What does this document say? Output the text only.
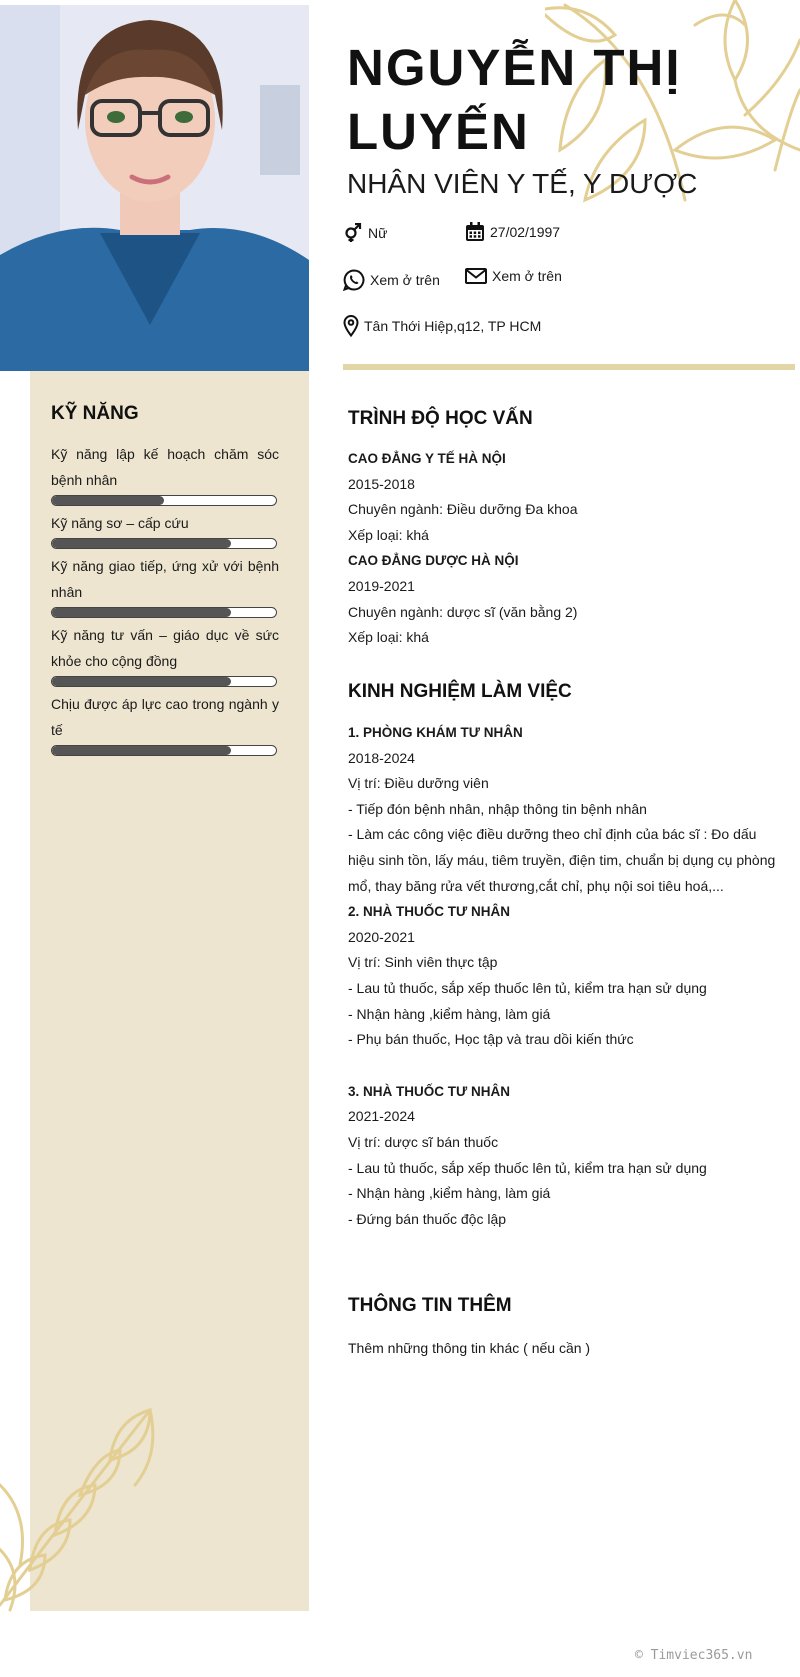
NGUYỄN THỊ LUYẾN
NHÂN VIÊN Y TẾ, Y DƯỢC
Nữ	27/02/1997
Xem ở trên	Xem ở trên
Tân Thới Hiệp,q12, TP HCM
KỸ NĂNG
Kỹ năng lập kế hoạch chăm sóc bệnh nhân
Kỹ năng sơ – cấp cứu
Kỹ năng giao tiếp, ứng xử với bệnh nhân
Kỹ năng tư vấn – giáo dục về sức khỏe cho cộng đồng
Chịu được áp lực cao trong ngành y tế
TRÌNH ĐỘ HỌC VẤN
CAO ĐẲNG Y TẾ HÀ NỘI
2015-2018
Chuyên ngành: Điều dưỡng Đa khoa
Xếp loại: khá
CAO ĐẲNG DƯỢC HÀ NỘI
2019-2021
Chuyên ngành: dược sĩ (văn bằng 2)
Xếp loại: khá
KINH NGHIỆM LÀM VIỆC
1. PHÒNG KHÁM TƯ NHÂN
2018-2024
Vị trí: Điều dưỡng viên
- Tiếp đón bệnh nhân, nhập thông tin bệnh nhân
- Làm các công việc điều dưỡng theo chỉ định của bác sĩ : Đo dấu hiệu sinh tồn, lấy máu, tiêm truyền, điện tim, chuẩn bị dụng cụ phòng mổ, thay băng rửa vết thương,cắt chỉ, phụ nội soi tiêu hoá,...
2. NHÀ THUỐC TƯ NHÂN
2020-2021
Vị trí: Sinh viên thực tập
- Lau tủ thuốc, sắp xếp thuốc lên tủ, kiểm tra hạn sử dụng
- Nhận hàng ,kiểm hàng, làm giá
- Phụ bán thuốc, Học tập và trau dồi kiến thức
3. NHÀ THUỐC TƯ NHÂN
2021-2024
Vị trí: dược sĩ bán thuốc
- Lau tủ thuốc, sắp xếp thuốc lên tủ, kiểm tra hạn sử dụng
- Nhận hàng ,kiểm hàng, làm giá
- Đứng bán thuốc độc lập
THÔNG TIN THÊM
Thêm những thông tin khác ( nếu cần )
© Timviec365.vn
